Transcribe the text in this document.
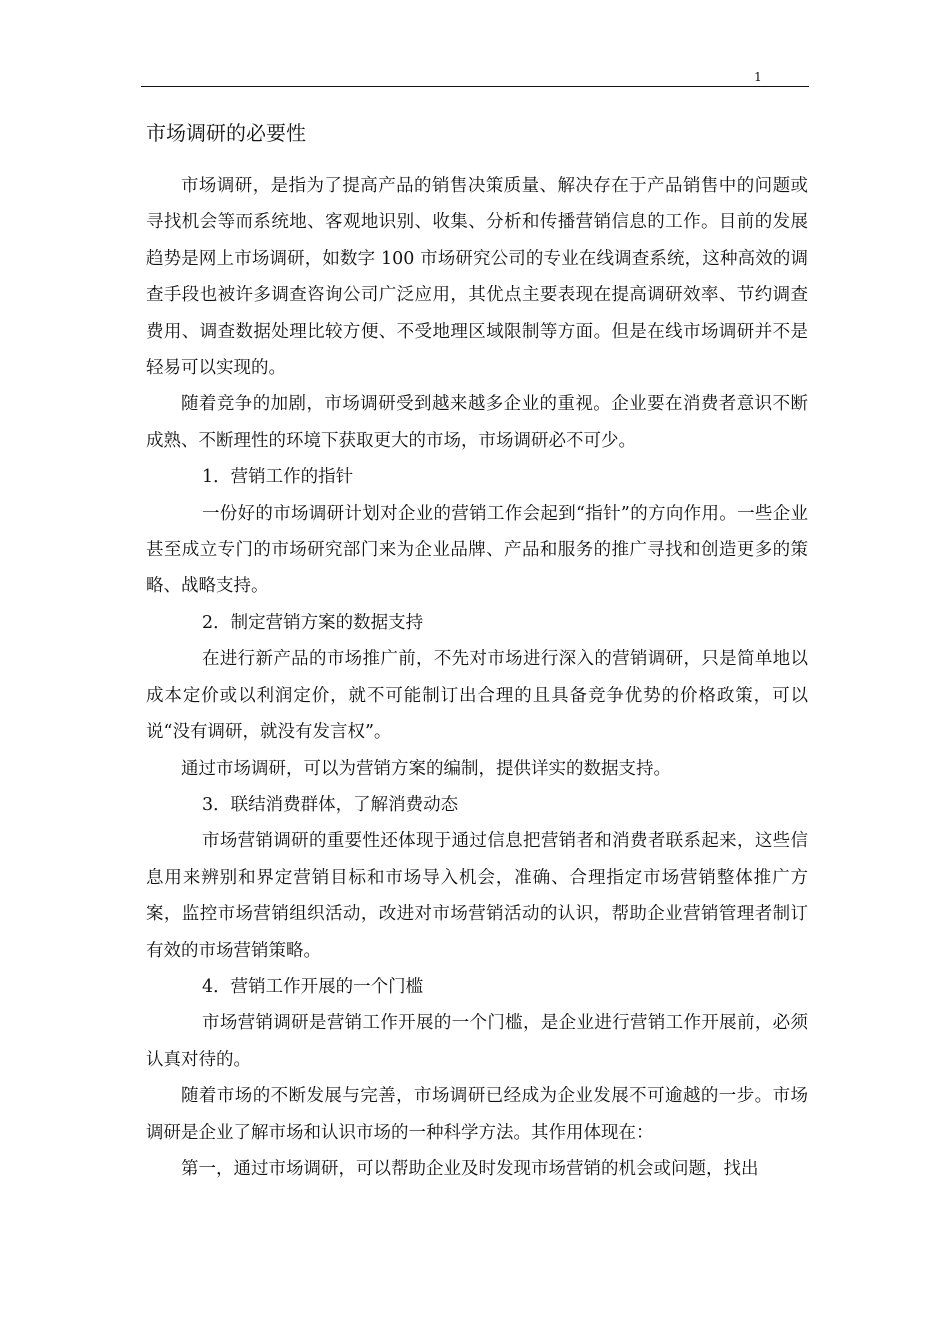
1
市场调研的必要性

市场调研，是指为了提高产品的销售决策质量、解决存在于产品销售中的问题或寻找机会等而系统地、客观地识别、收集、分析和传播营销信息的工作。目前的发展趋势是网上市场调研，如数字 100 市场研究公司的专业在线调查系统，这种高效的调查手段也被许多调查咨询公司广泛应用，其优点主要表现在提高调研效率、节约调查费用、调查数据处理比较方便、不受地理区域限制等方面。但是在线市场调研并不是轻易可以实现的。

随着竞争的加剧，市场调研受到越来越多企业的重视。企业要在消费者意识不断成熟、不断理性的环境下获取更大的市场，市场调研必不可少。

1．营销工作的指针

一份好的市场调研计划对企业的营销工作会起到“指针”的方向作用。一些企业甚至成立专门的市场研究部门来为企业品牌、产品和服务的推广寻找和创造更多的策略、战略支持。

2．制定营销方案的数据支持

在进行新产品的市场推广前，不先对市场进行深入的营销调研，只是简单地以成本定价或以利润定价，就不可能制订出合理的且具备竞争优势的价格政策，可以说“没有调研，就没有发言权”。

通过市场调研，可以为营销方案的编制，提供详实的数据支持。

3．联结消费群体，了解消费动态

市场营销调研的重要性还体现于通过信息把营销者和消费者联系起来，这些信息用来辨别和界定营销目标和市场导入机会，准确、合理指定市场营销整体推广方案，监控市场营销组织活动，改进对市场营销活动的认识，帮助企业营销管理者制订有效的市场营销策略。

4．营销工作开展的一个门槛

市场营销调研是营销工作开展的一个门槛，是企业进行营销工作开展前，必须认真对待的。

随着市场的不断发展与完善，市场调研已经成为企业发展不可逾越的一步。市场调研是企业了解市场和认识市场的一种科学方法。其作用体现在：

第一，通过市场调研，可以帮助企业及时发现市场营销的机会或问题，找出
